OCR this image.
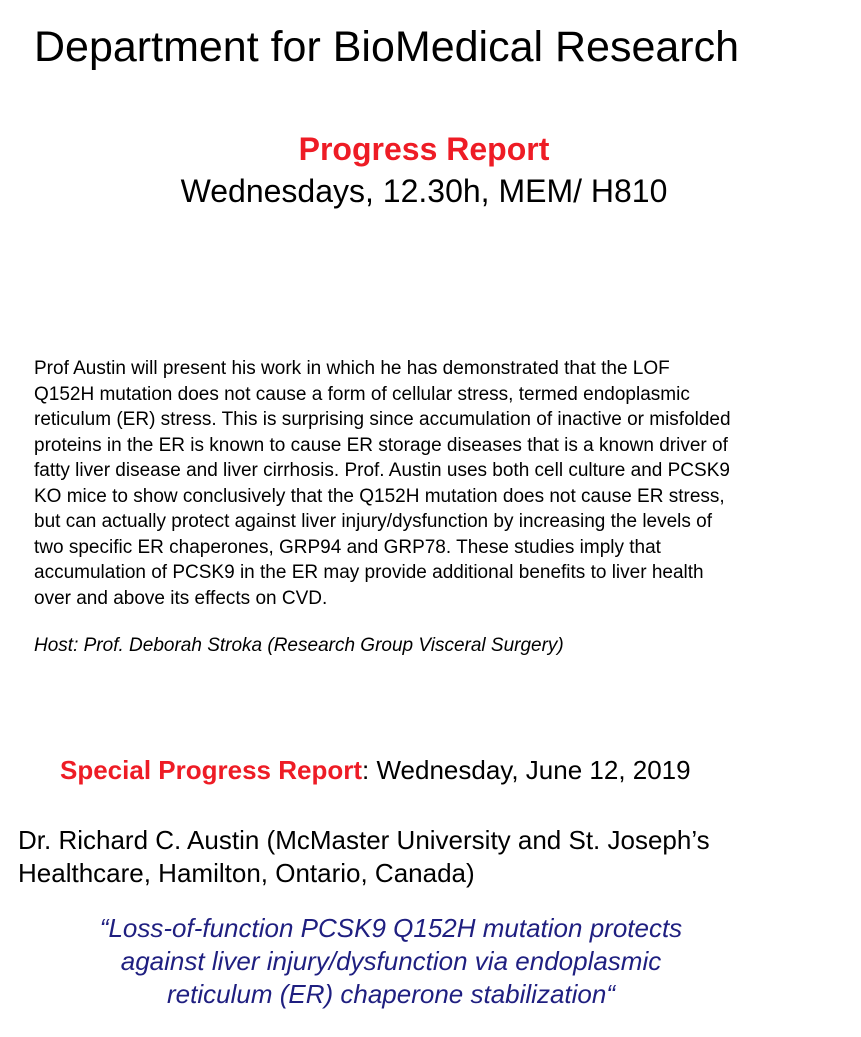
Department for BioMedical Research
Progress Report
Wednesdays, 12.30h, MEM/ H810
Prof Austin will present his work in which he has demonstrated that the LOF
Q152H mutation does not cause a form of cellular stress, termed endoplasmic
reticulum (ER) stress. This is surprising since accumulation of inactive or misfolded
proteins in the ER is known to cause ER storage diseases that is a known driver of
fatty liver disease and liver cirrhosis. Prof. Austin uses both cell culture and PCSK9
KO mice to show conclusively that the Q152H mutation does not cause ER stress,
but can actually protect against liver injury/dysfunction by increasing the levels of
two specific ER chaperones, GRP94 and GRP78. These studies imply that
accumulation of PCSK9 in the ER may provide additional benefits to liver health
over and above its effects on CVD.
Host: Prof. Deborah Stroka (Research Group Visceral Surgery)
Special Progress Report: Wednesday, June 12, 2019
Dr. Richard C. Austin (McMaster University and St. Joseph’s
Healthcare, Hamilton, Ontario, Canada)
“Loss-of-function PCSK9 Q152H mutation protects
against liver injury/dysfunction via endoplasmic
reticulum (ER) chaperone stabilization“
